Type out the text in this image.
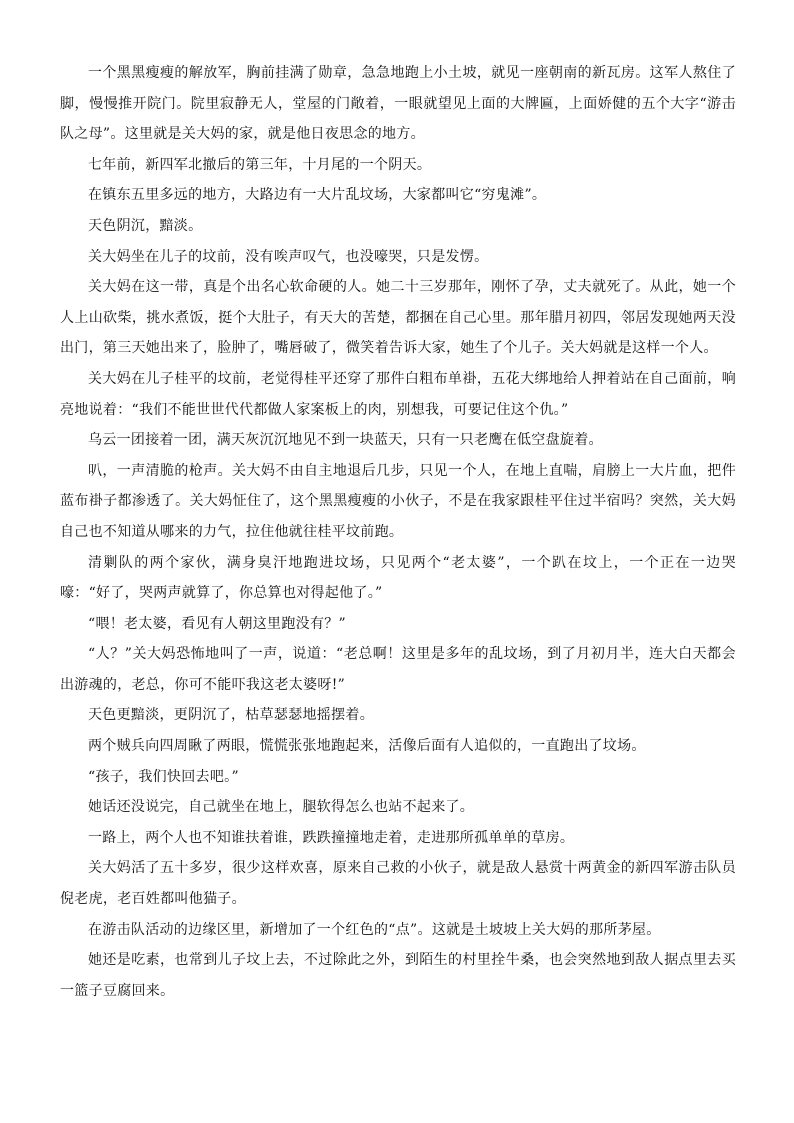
一个黑黑瘦瘦的解放军，胸前挂满了勋章，急急地跑上小土坡，就见一座朝南的新瓦房。这军人熬住了脚，慢慢推开院门。院里寂静无人，堂屋的门敞着，一眼就望见上面的大牌匾，上面娇健的五个大字“游击队之母”。这里就是关大妈的家，就是他日夜思念的地方。

七年前，新四军北撤后的第三年，十月尾的一个阴天。

在镇东五里多远的地方，大路边有一大片乱坟场，大家都叫它“穷鬼滩”。

天色阴沉，黯淡。

关大妈坐在儿子的坟前，没有唉声叹气，也没嚎哭，只是发愣。

关大妈在这一带，真是个出名心软命硬的人。她二十三岁那年，刚怀了孕，丈夫就死了。从此，她一个人上山砍柴，挑水煮饭，挺个大肚子，有天大的苦楚，都捆在自己心里。那年腊月初四，邻居发现她两天没出门，第三天她出来了，脸肿了，嘴唇破了，微笑着告诉大家，她生了个儿子。关大妈就是这样一个人。

关大妈在儿子桂平的坟前，老觉得桂平还穿了那件白粗布单褂，五花大绑地给人押着站在自己面前，响亮地说着：“我们不能世世代代都做人家案板上的肉，别想我，可要记住这个仇。”

乌云一团接着一团，满天灰沉沉地见不到一块蓝天，只有一只老鹰在低空盘旋着。

叭，一声清脆的枪声。关大妈不由自主地退后几步，只见一个人，在地上直喘，肩膀上一大片血，把件蓝布褂子都渗透了。关大妈怔住了，这个黑黑瘦瘦的小伙子，不是在我家跟桂平住过半宿吗？突然，关大妈自己也不知道从哪来的力气，拉住他就往桂平坟前跑。

清剿队的两个家伙，满身臭汗地跑进坟场，只见两个“老太婆”，一个趴在坟上，一个正在一边哭嚎：“好了，哭两声就算了，你总算也对得起他了。”

“喂！老太婆，看见有人朝这里跑没有？”

“人？”关大妈恐怖地叫了一声，说道：“老总啊！这里是多年的乱坟场，到了月初月半，连大白天都会出游魂的，老总，你可不能吓我这老太婆呀!”

天色更黯淡，更阴沉了，枯草瑟瑟地摇摆着。

两个贼兵向四周瞅了两眼，慌慌张张地跑起来，活像后面有人追似的，一直跑出了坟场。

“孩子，我们快回去吧。”

她话还没说完，自己就坐在地上，腿软得怎么也站不起来了。

一路上，两个人也不知谁扶着谁，跌跌撞撞地走着，走进那所孤单单的草房。

关大妈活了五十多岁，很少这样欢喜，原来自己救的小伙子，就是敌人悬赏十两黄金的新四军游击队员倪老虎，老百姓都叫他猫子。

在游击队活动的边缘区里，新增加了一个红色的“点”。这就是土坡坡上关大妈的那所茅屋。

她还是吃素，也常到儿子坟上去，不过除此之外，到陌生的村里拴牛桑，也会突然地到敌人据点里去买一篮子豆腐回来。
